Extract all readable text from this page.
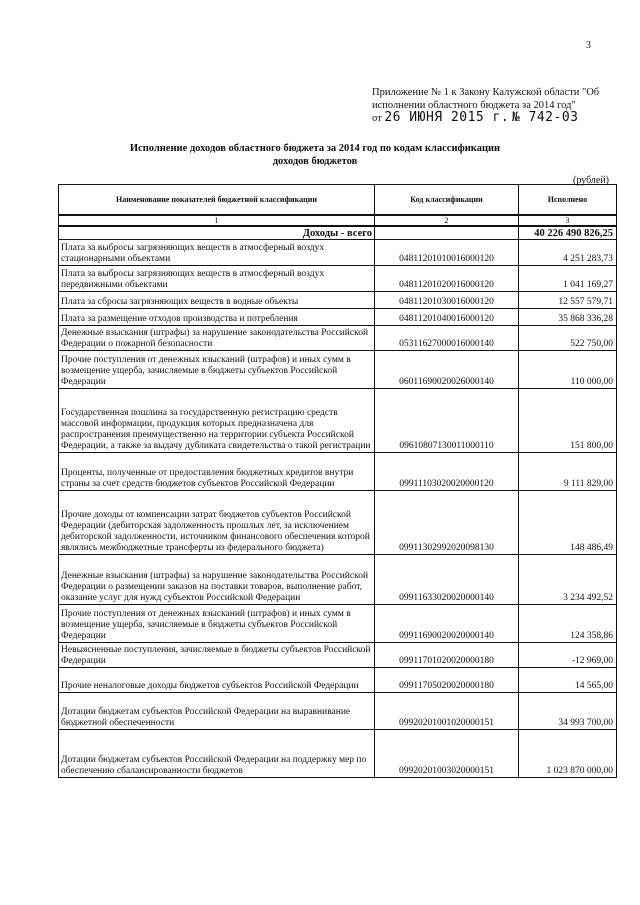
3
Приложение № 1 к Закону Калужской области "Об исполнении областного бюджета за 2014 год"
от 26 ИЮНЯ 2015 г. № 742-03
Исполнение доходов областного бюджета за 2014 год по кодам классификации доходов бюджетов
(рублей)
Наименование показателей бюджетной классификации	Код классификации	Исполнено
1	2	3
Доходы - всего		40 226 490 826,25
Плата за выбросы загрязняющих веществ в атмосферный воздух стационарными объектами	04811201010016000120	4 251 283,73
Плата за выбросы загрязняющих веществ в атмосферный воздух передвижными объектами	04811201020016000120	1 041 169,27
Плата за сбросы загрязняющих веществ в водные объекты	04811201030016000120	12 557 579,71
Плата за размещение отходов производства и потребления	04811201040016000120	35 868 336,28
Денежные взыскания (штрафы) за нарушение законодательства Российской Федерации о пожарной безопасности	05311627000016000140	522 750,00
Прочие поступления от денежных взысканий (штрафов) и иных сумм в возмещение ущерба, зачисляемые в бюджеты субъектов Российской Федерации	06011690020026000140	110 000,00
Государственная пошлина за государственную регистрацию средств массовой информации, продукция которых предназначена для распространения преимущественно на территории субъекта Российской Федерации, а также за выдачу дубликата свидетельства о такой регистрации	09610807130011000110	151 800,00
Проценты, полученные от предоставления бюджетных кредитов внутри страны за счет средств бюджетов субъектов Российской Федерации	09911103020020000120	9 111 829,00
Прочие доходы от компенсации затрат бюджетов субъектов Российской Федерации (дебиторская задолженность прошлых лет, за исключением дебиторской задолженности, источником финансового обеспечения которой являлись межбюджетные трансферты из федерального бюджета)	09911302992020098130	148 486,49
Денежные взыскания (штрафы) за нарушение законодательства Российской Федерации о размещении заказов на поставки товаров, выполнение работ, оказание услуг для нужд субъектов Российской Федерации	09911633020020000140	3 234 492,52
Прочие поступления от денежных взысканий (штрафов) и иных сумм в возмещение ущерба, зачисляемые в бюджеты субъектов Российской Федерации	09911690020020000140	124 358,86
Невыясненные поступления, зачисляемые в бюджеты субъектов Российской Федерации	09911701020020000180	-12 969,00
Прочие неналоговые доходы бюджетов субъектов Российской Федерации	09911705020020000180	14 565,00
Дотации бюджетам субъектов Российской Федерации на выравнивание бюджетной обеспеченности	09920201001020000151	34 993 700,00
Дотации бюджетам субъектов Российской Федерации на поддержку мер по обеспечению сбалансированности бюджетов	09920201003020000151	1 023 870 000,00
